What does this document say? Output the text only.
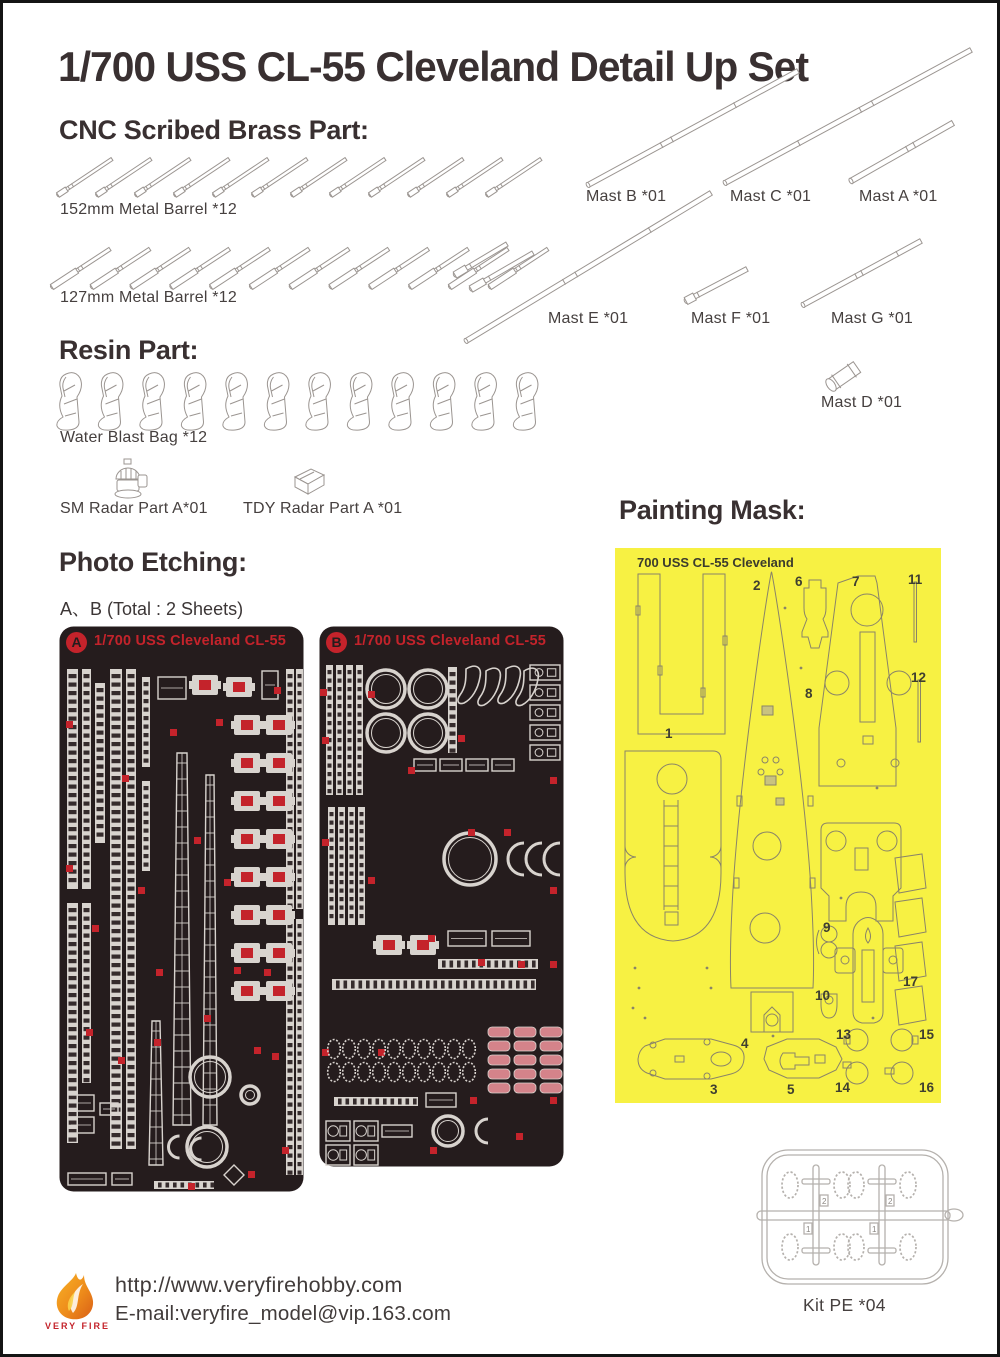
1/700 USS CL-55 Cleveland Detail Up Set
CNC Scribed Brass Part:
152mm Metal Barrel *12
127mm Metal Barrel *12
Mast B *01	Mast C *01	Mast A *01
Mast E *01	Mast F *01	Mast G *01
Mast D *01
Resin Part:
Water Blast Bag *12
SM Radar Part A*01 TDY Radar Part A *01
Photo Etching:
A、B (Total : 2 Sheets)
A 1/700 USS Cleveland CL-55	B 1/700 USS Cleveland CL-55
Painting Mask:
700 USS CL-55 Cleveland
1
2
3
4
5
6	7
8
9
10
11
12
13
14
15
16
17
2
1
2
1
Kit PE *04
VERY FIRE
http://www.veryfirehobby.com
E-mail:veryfire_model@vip.163.com
